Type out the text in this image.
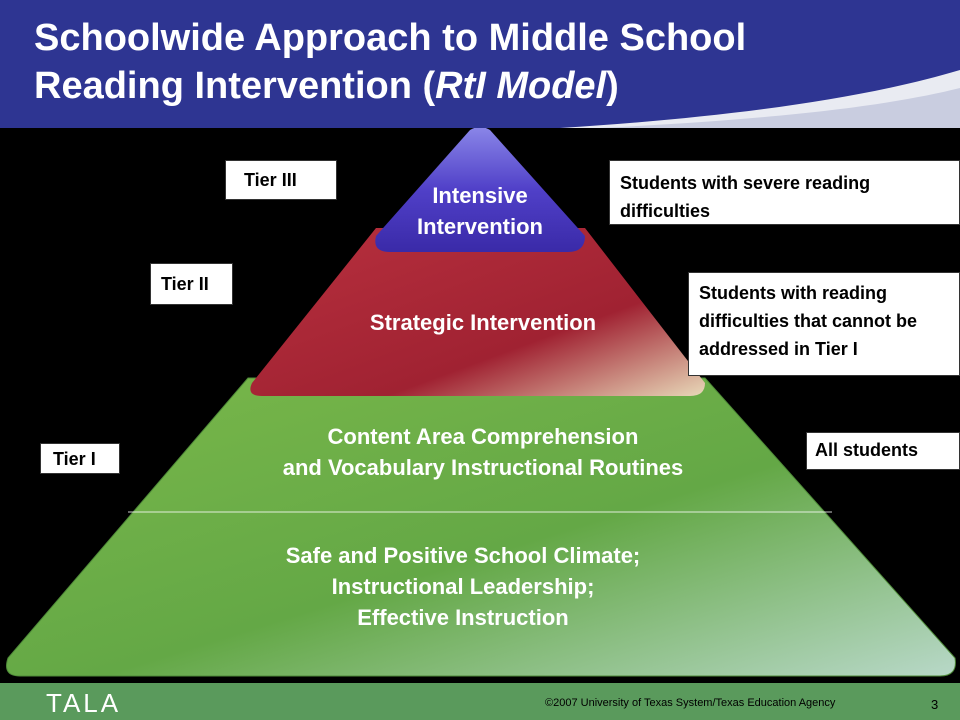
Schoolwide Approach to Middle School
Reading Intervention (RtI Model)
Intensive
Intervention
Strategic Intervention
Content Area Comprehension
and Vocabulary Instructional Routines
Safe and Positive School Climate;
Instructional Leadership;
Effective Instruction
Tier III
Tier II
Tier I
Students with severe reading difficulties
Students with reading difficulties that cannot be addressed in Tier I
All students
TALA	©2007 University of Texas System/Texas Education Agency	3
